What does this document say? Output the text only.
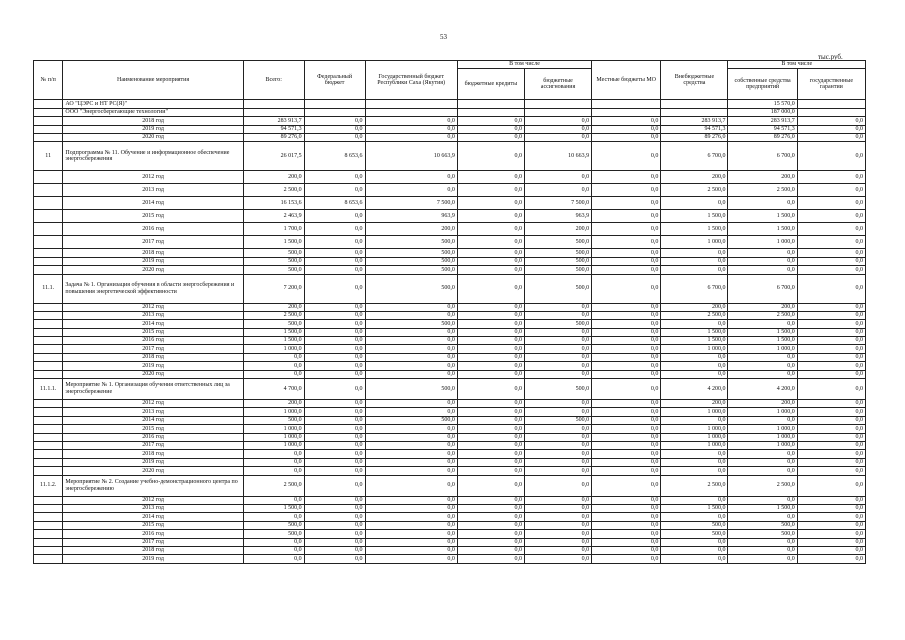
53
тыс.руб.
№ п/п	Наименование мероприятия	Всего:	Федеральный бюджет	Государственный бюджет Республики Саха (Якутия)	В том числе		Местные бюджеты МО	Внебюджетные средства	В том числе	
					бюджетные кредиты	бюджетные ассигнования			собственные средства предприятий	государственные гарантии

	АО "ЦЭРС и НТ РС(Я)"								15 570,0	
	ООО "Энергосберегающие технологии"								187 000,0	
	2018 год	283 913,7	0,0	0,0	0,0	0,0	0,0	283 913,7	283 913,7	0,0
	2019 год	94 571,3	0,0	0,0	0,0	0,0	0,0	94 571,3	94 571,3	0,0
	2020 год	89 276,0	0,0	0,0	0,0	0,0	0,0	89 276,0	89 276,0	0,0
11	Подпрограмма № 11. Обучение и информационное обеспечение энергосбережения	26 017,5	8 653,6	10 663,9	0,0	10 663,9	0,0	6 700,0	6 700,0	0,0
	2012 год	200,0	0,0	0,0	0,0	0,0	0,0	200,0	200,0	0,0
	2013 год	2 500,0	0,0	0,0	0,0	0,0	0,0	2 500,0	2 500,0	0,0
	2014 год	16 153,6	8 653,6	7 500,0	0,0	7 500,0	0,0	0,0	0,0	0,0
	2015 год	2 463,9	0,0	963,9	0,0	963,9	0,0	1 500,0	1 500,0	0,0
	2016 год	1 700,0	0,0	200,0	0,0	200,0	0,0	1 500,0	1 500,0	0,0
	2017 год	1 500,0	0,0	500,0	0,0	500,0	0,0	1 000,0	1 000,0	0,0
	2018 год	500,0	0,0	500,0	0,0	500,0	0,0	0,0	0,0	0,0
	2019 год	500,0	0,0	500,0	0,0	500,0	0,0	0,0	0,0	0,0
	2020 год	500,0	0,0	500,0	0,0	500,0	0,0	0,0	0,0	0,0
11.1.	Задача № 1. Организация обучения в области энергосбережения и повышения энергетической эффективности	7 200,0	0,0	500,0	0,0	500,0	0,0	6 700,0	6 700,0	0,0
	2012 год	200,0	0,0	0,0	0,0	0,0	0,0	200,0	200,0	0,0
	2013 год	2 500,0	0,0	0,0	0,0	0,0	0,0	2 500,0	2 500,0	0,0
	2014 год	500,0	0,0	500,0	0,0	500,0	0,0	0,0	0,0	0,0
	2015 год	1 500,0	0,0	0,0	0,0	0,0	0,0	1 500,0	1 500,0	0,0
	2016 год	1 500,0	0,0	0,0	0,0	0,0	0,0	1 500,0	1 500,0	0,0
	2017 год	1 000,0	0,0	0,0	0,0	0,0	0,0	1 000,0	1 000,0	0,0
	2018 год	0,0	0,0	0,0	0,0	0,0	0,0	0,0	0,0	0,0
	2019 год	0,0	0,0	0,0	0,0	0,0	0,0	0,0	0,0	0,0
	2020 год	0,0	0,0	0,0	0,0	0,0	0,0	0,0	0,0	0,0
11.1.1.	Мероприятие № 1. Организация обучения ответственных лиц за энергосбережение	4 700,0	0,0	500,0	0,0	500,0	0,0	4 200,0	4 200,0	0,0
	2012 год	200,0	0,0	0,0	0,0	0,0	0,0	200,0	200,0	0,0
	2013 год	1 000,0	0,0	0,0	0,0	0,0	0,0	1 000,0	1 000,0	0,0
	2014 год	500,0	0,0	500,0	0,0	500,0	0,0	0,0	0,0	0,0
	2015 год	1 000,0	0,0	0,0	0,0	0,0	0,0	1 000,0	1 000,0	0,0
	2016 год	1 000,0	0,0	0,0	0,0	0,0	0,0	1 000,0	1 000,0	0,0
	2017 год	1 000,0	0,0	0,0	0,0	0,0	0,0	1 000,0	1 000,0	0,0
	2018 год	0,0	0,0	0,0	0,0	0,0	0,0	0,0	0,0	0,0
	2019 год	0,0	0,0	0,0	0,0	0,0	0,0	0,0	0,0	0,0
	2020 год	0,0	0,0	0,0	0,0	0,0	0,0	0,0	0,0	0,0
11.1.2.	Мероприятие № 2. Создание учебно-демонстрационного центра по энергосбережению	2 500,0	0,0	0,0	0,0	0,0	0,0	2 500,0	2 500,0	0,0
	2012 год	0,0	0,0	0,0	0,0	0,0	0,0	0,0	0,0	0,0
	2013 год	1 500,0	0,0	0,0	0,0	0,0	0,0	1 500,0	1 500,0	0,0
	2014 год	0,0	0,0	0,0	0,0	0,0	0,0	0,0	0,0	0,0
	2015 год	500,0	0,0	0,0	0,0	0,0	0,0	500,0	500,0	0,0
	2016 год	500,0	0,0	0,0	0,0	0,0	0,0	500,0	500,0	0,0
	2017 год	0,0	0,0	0,0	0,0	0,0	0,0	0,0	0,0	0,0
	2018 год	0,0	0,0	0,0	0,0	0,0	0,0	0,0	0,0	0,0
	2019 год	0,0	0,0	0,0	0,0	0,0	0,0	0,0	0,0	0,0
